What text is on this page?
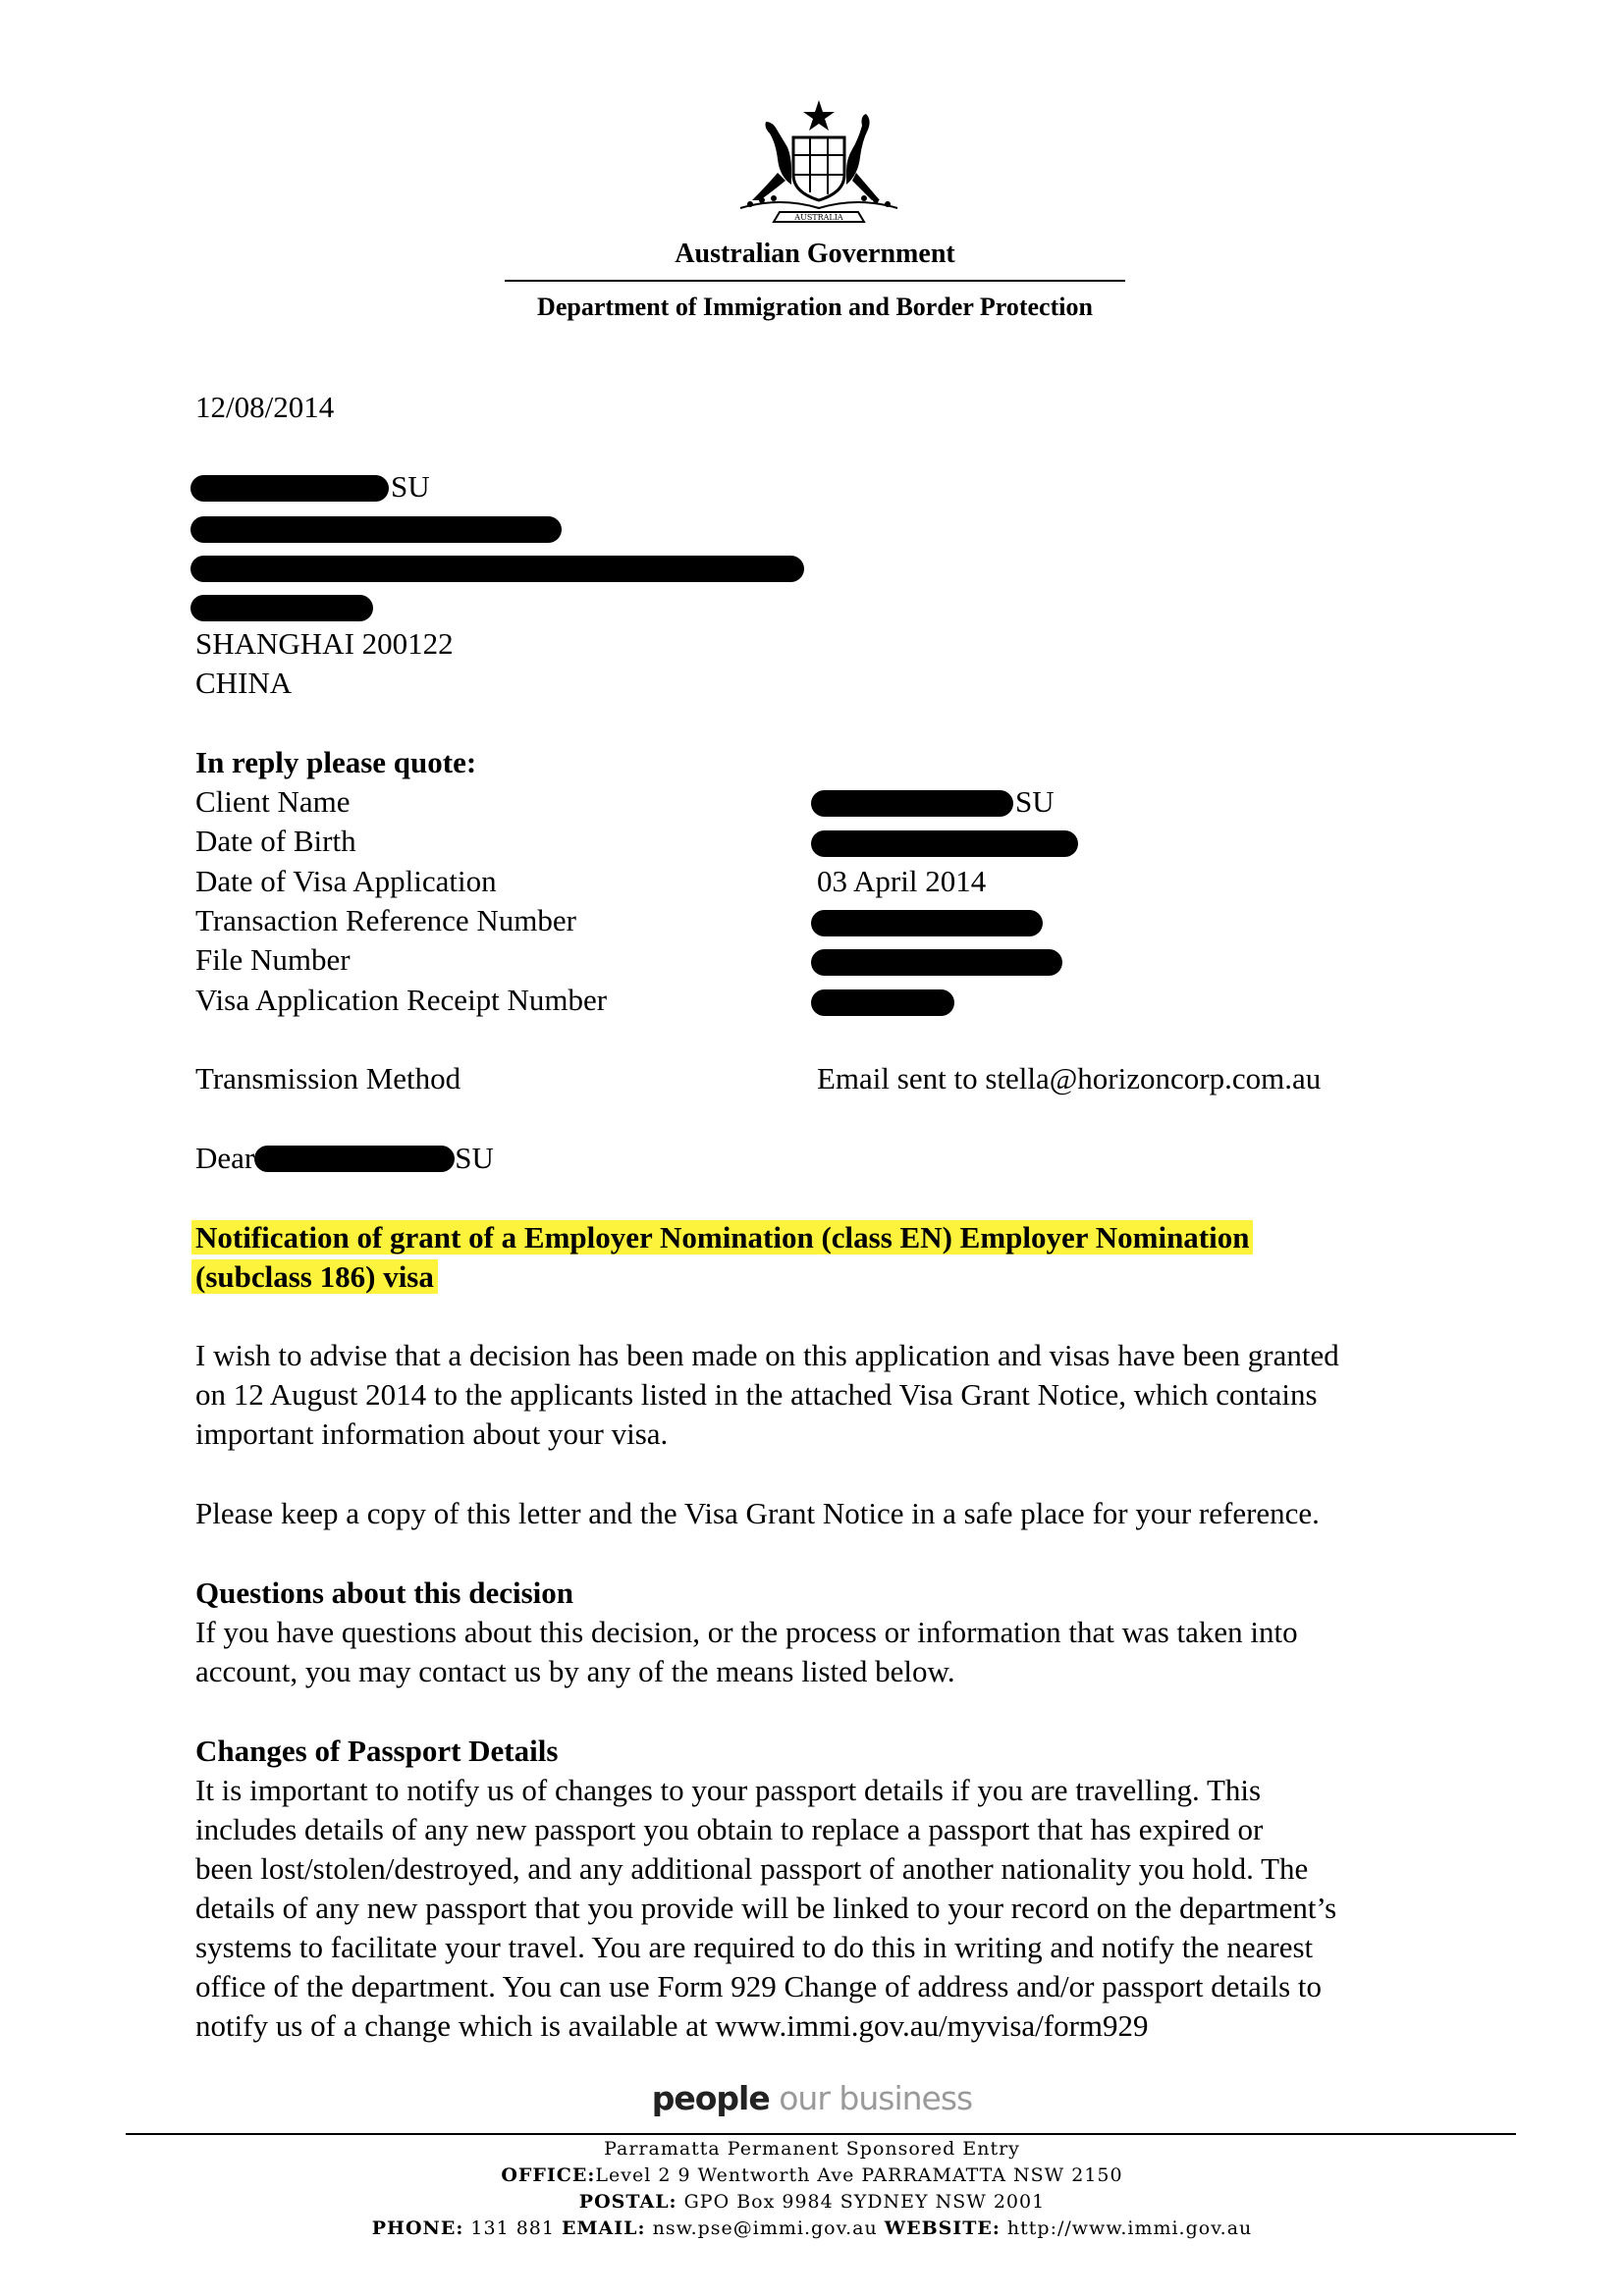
AUSTRALIA
Australian Government
Department of Immigration and Border Protection
12/08/2014
SU
SHANGHAI 200122
CHINA
In reply please quote:
Client Name	SU
Date of Birth
Date of Visa Application	03 April 2014
Transaction Reference Number
File Number
Visa Application Receipt Number
Transmission Method	Email sent to stella@horizoncorp.com.au
Dear	SU
Notification of grant of a Employer Nomination (class EN) Employer Nomination
(subclass 186) visa
I wish to advise that a decision has been made on this application and visas have been granted
on 12 August 2014 to the applicants listed in the attached Visa Grant Notice, which contains
important information about your visa.
Please keep a copy of this letter and the Visa Grant Notice in a safe place for your reference.
Questions about this decision
If you have questions about this decision, or the process or information that was taken into
account, you may contact us by any of the means listed below.
Changes of Passport Details
It is important to notify us of changes to your passport details if you are travelling. This
includes details of any new passport you obtain to replace a passport that has expired or
been lost/stolen/destroyed, and any additional passport of another nationality you hold. The
details of any new passport that you provide will be linked to your record on the department’s
systems to facilitate your travel. You are required to do this in writing and notify the nearest
office of the department. You can use Form 929 Change of address and/or passport details to
notify us of a change which is available at www.immi.gov.au/myvisa/form929
people our business
Parramatta Permanent Sponsored Entry
OFFICE:Level 2 9 Wentworth Ave PARRAMATTA NSW 2150
POSTAL: GPO Box 9984 SYDNEY NSW 2001
PHONE: 131 881 EMAIL: nsw.pse@immi.gov.au WEBSITE: http://www.immi.gov.au
